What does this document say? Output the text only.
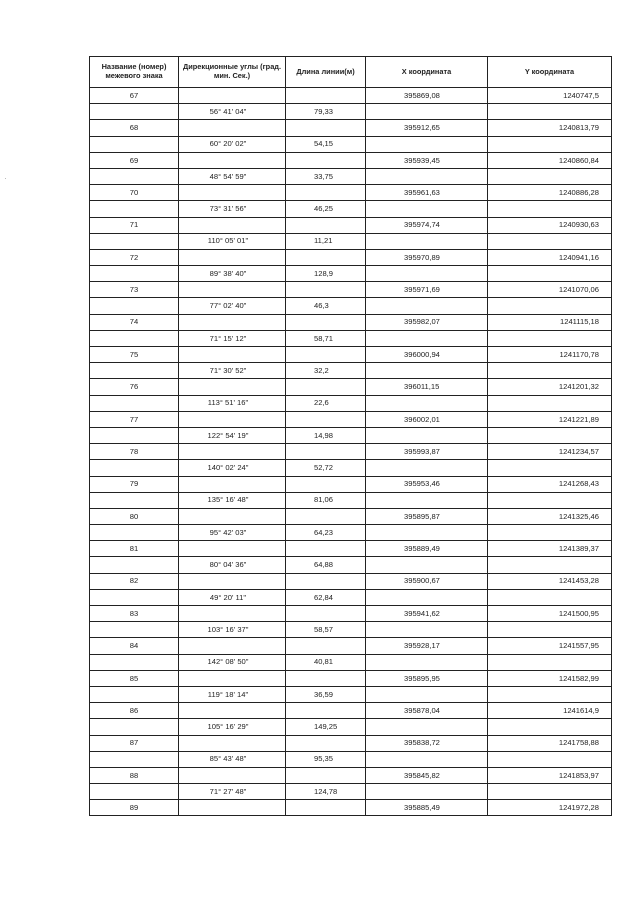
Название (номер) межевого знака	Дирекционные углы (град. мин. Сек.)	Длина линии(м)	X координата	Y координата
67			395869,08	1240747,5
	56° 41' 04"	79,33		
68			395912,65	1240813,79
	60° 20' 02"	54,15		
69			395939,45	1240860,84
	48° 54' 59"	33,75		
70			395961,63	1240886,28
	73° 31' 56"	46,25		
71			395974,74	1240930,63
	110° 05' 01"	11,21		
72			395970,89	1240941,16
	89° 38' 40"	128,9		
73			395971,69	1241070,06
	77° 02' 40"	46,3		
74			395982,07	1241115,18
	71° 15' 12"	58,71		
75			396000,94	1241170,78
	71° 30' 52"	32,2		
76			396011,15	1241201,32
	113° 51' 16"	22,6		
77			396002,01	1241221,89
	122° 54' 19"	14,98		
78			395993,87	1241234,57
	140° 02' 24"	52,72		
79			395953,46	1241268,43
	135° 16' 48"	81,06		
80			395895,87	1241325,46
	95° 42' 03"	64,23		
81			395889,49	1241389,37
	80° 04' 36"	64,88		
82			395900,67	1241453,28
	49° 20' 11"	62,84		
83			395941,62	1241500,95
	103° 16' 37"	58,57		
84			395928,17	1241557,95
	142° 08' 50"	40,81		
85			395895,95	1241582,99
	119° 18' 14"	36,59		
86			395878,04	1241614,9
	105° 16' 29"	149,25		
87			395838,72	1241758,88
	85° 43' 48"	95,35		
88			395845,82	1241853,97
	71° 27' 48"	124,78		
89			395885,49	1241972,28
